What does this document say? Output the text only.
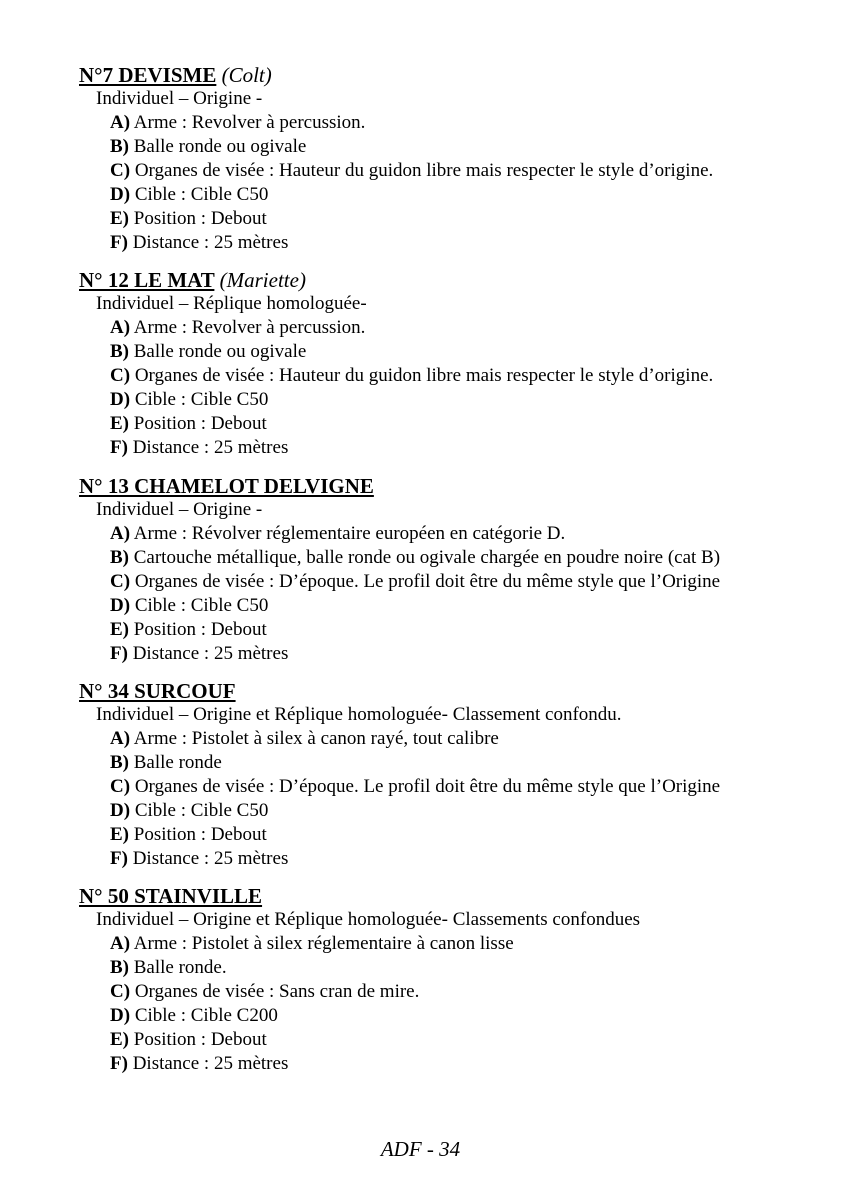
N°7 DEVISME (Colt)
Individuel – Origine -
A) Arme : Revolver à percussion.
B) Balle ronde ou ogivale
C) Organes de visée : Hauteur du guidon libre mais respecter le style d’origine.
D) Cible : Cible C50
E) Position : Debout
F) Distance : 25 mètres
N° 12 LE MAT (Mariette)
Individuel – Réplique homologuée-
A) Arme : Revolver à percussion.
B) Balle ronde ou ogivale
C) Organes de visée : Hauteur du guidon libre mais respecter le style d’origine.
D) Cible : Cible C50
E) Position : Debout
F) Distance : 25 mètres
N° 13 CHAMELOT DELVIGNE
Individuel – Origine -
A) Arme : Révolver réglementaire européen en catégorie D.
B) Cartouche métallique, balle ronde ou ogivale chargée en poudre noire (cat B)
C) Organes de visée : D’époque. Le profil doit être du même style que l’Origine
D) Cible : Cible C50
E) Position : Debout
F) Distance : 25 mètres
N° 34 SURCOUF
Individuel – Origine et Réplique homologuée- Classement confondu.
A) Arme : Pistolet à silex à canon rayé, tout calibre
B) Balle ronde
C) Organes de visée : D’époque. Le profil doit être du même style que l’Origine
D) Cible : Cible C50
E) Position : Debout
F) Distance : 25 mètres
N° 50 STAINVILLE
Individuel – Origine et Réplique homologuée- Classements confondues
A) Arme : Pistolet à silex réglementaire à canon lisse
B) Balle ronde.
C) Organes de visée : Sans cran de mire.
D) Cible : Cible C200
E) Position : Debout
F) Distance : 25 mètres
ADF - 34
